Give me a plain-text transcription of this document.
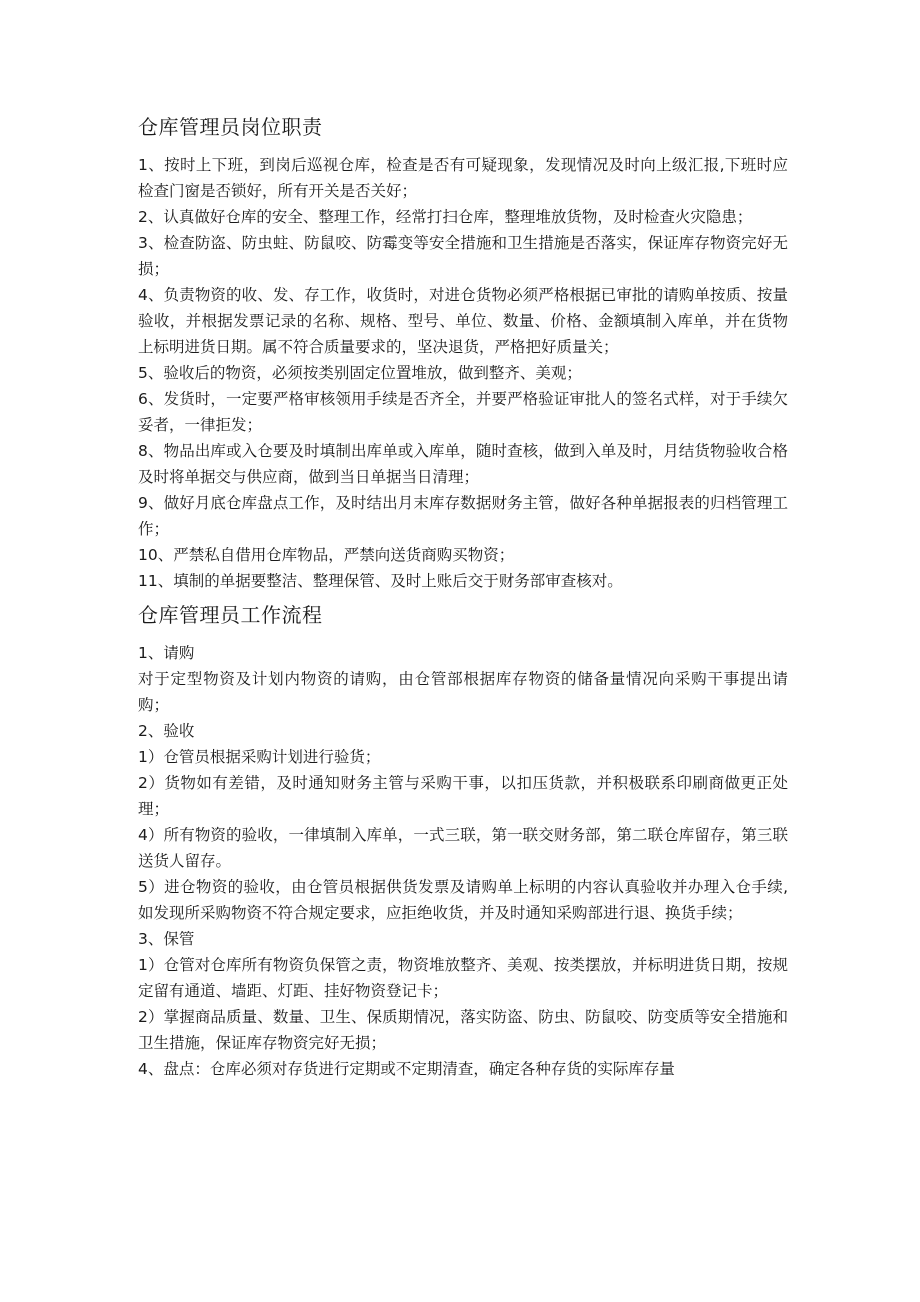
仓库管理员岗位职责

1、按时上下班，到岗后巡视仓库，检查是否有可疑现象，发现情况及时向上级汇报,下班时应检查门窗是否锁好，所有开关是否关好；

2、认真做好仓库的安全、整理工作，经常打扫仓库，整理堆放货物，及时检查火灾隐患；

3、检查防盗、防虫蛀、防鼠咬、防霉变等安全措施和卫生措施是否落实，保证库存物资完好无损；

4、负责物资的收、发、存工作，收货时，对进仓货物必须严格根据已审批的请购单按质、按量验收，并根据发票记录的名称、规格、型号、单位、数量、价格、金额填制入库单，并在货物上标明进货日期。属不符合质量要求的，坚决退货，严格把好质量关；

5、验收后的物资，必须按类别固定位置堆放，做到整齐、美观；

6、发货时，一定要严格审核领用手续是否齐全，并要严格验证审批人的签名式样，对于手续欠妥者，一律拒发；

8、物品出库或入仓要及时填制出库单或入库单，随时查核，做到入单及时，月结货物验收合格及时将单据交与供应商，做到当日单据当日清理；

9、做好月底仓库盘点工作，及时结出月末库存数据财务主管，做好各种单据报表的归档管理工作；

10、严禁私自借用仓库物品，严禁向送货商购买物资；

11、填制的单据要整洁、整理保管、及时上账后交于财务部审查核对。

仓库管理员工作流程

1、请购

对于定型物资及计划内物资的请购，由仓管部根据库存物资的储备量情况向采购干事提出请购；

2、验收

1）仓管员根据采购计划进行验货；

2）货物如有差错，及时通知财务主管与采购干事，以扣压货款，并积极联系印刷商做更正处理；

4）所有物资的验收，一律填制入库单，一式三联，第一联交财务部，第二联仓库留存，第三联送货人留存。

5）进仓物资的验收，由仓管员根据供货发票及请购单上标明的内容认真验收并办理入仓手续,如发现所采购物资不符合规定要求，应拒绝收货，并及时通知采购部进行退、换货手续；

3、保管

1）仓管对仓库所有物资负保管之责，物资堆放整齐、美观、按类摆放，并标明进货日期，按规定留有通道、墙距、灯距、挂好物资登记卡；

2）掌握商品质量、数量、卫生、保质期情况，落实防盗、防虫、防鼠咬、防变质等安全措施和卫生措施，保证库存物资完好无损；

4、盘点：仓库必须对存货进行定期或不定期清查，确定各种存货的实际库存量
